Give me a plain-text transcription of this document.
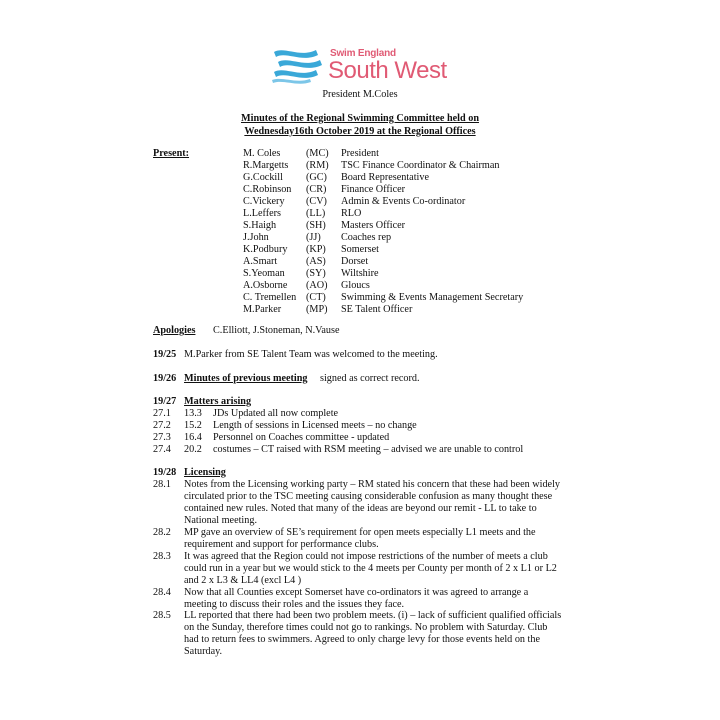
Swim England
South West
President M.Coles
Minutes of the Regional Swimming Committee held on
Wednesday16th October 2019 at the Regional Offices
Present:	M. Coles	(MC) President
R.Margetts (RM) TSC Finance Coordinator & Chairman
G.Cockill (GC) Board Representative
C.Robinson (CR) Finance Officer
C.Vickery (CV) Admin & Events Co-ordinator
L.Leffers (LL) RLO
S.Haigh	(SH) Masters Officer
J.John	(JJ) Coaches rep
K.Podbury (KP) Somerset
A.Smart	(AS) Dorset
S.Yeoman (SY) Wiltshire
A.Osborne (AO) Gloucs
C. Tremellen (CT) Swimming & Events Management Secretary
M.Parker (MP) SE Talent Officer
Apologies C.Elliott, J.Stoneman, N.Vause
19/25 M.Parker from SE Talent Team was welcomed to the meeting.
19/26 Minutes of previous meeting signed as correct record.
19/27 Matters arising
27.1 13.3 JDs Updated all now complete
27.2 15.2 Length of sessions in Licensed meets – no change
27.3 16.4 Personnel on Coaches committee - updated
27.4 20.2 costumes – CT raised with RSM meeting – advised we are unable to control
19/28 Licensing
28.1 Notes from the Licensing working party – RM stated his concern that these had been widely
circulated prior to the TSC meeting causing considerable confusion as many thought these
contained new rules. Noted that many of the ideas are beyond our remit - LL to take to
National meeting.
28.2 MP gave an overview of SE’s requirement for open meets especially L1 meets and the
requirement and support for performance clubs.
28.3 It was agreed that the Region could not impose restrictions of the number of meets a club
could run in a year but we would stick to the 4 meets per County per month of 2 x L1 or L2
and 2 x L3 & LL4 (excl L4 )
28.4 Now that all Counties except Somerset have co-ordinators it was agreed to arrange a
meeting to discuss their roles and the issues they face.
28.5 LL reported that there had been two problem meets. (i) – lack of sufficient qualified officials
on the Sunday, therefore times could not go to rankings. No problem with Saturday. Club
had to return fees to swimmers. Agreed to only charge levy for those events held on the
Saturday.
